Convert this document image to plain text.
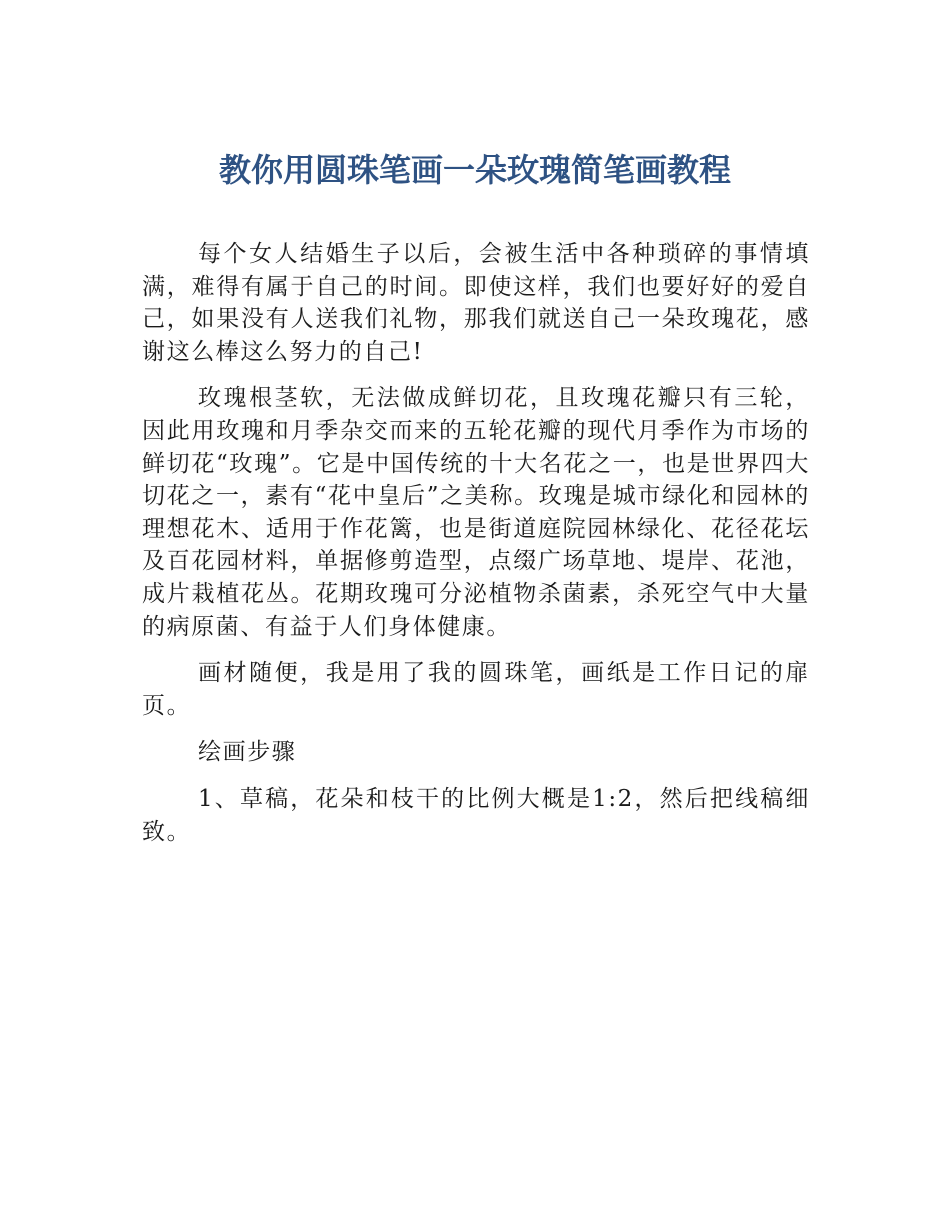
教你用圆珠笔画一朵玫瑰简笔画教程

每个女人结婚生子以后，会被生活中各种琐碎的事情填满，难得有属于自己的时间。即使这样，我们也要好好的爱自己，如果没有人送我们礼物，那我们就送自己一朵玫瑰花，感谢这么棒这么努力的自己!

玫瑰根茎软，无法做成鲜切花，且玫瑰花瓣只有三轮，因此用玫瑰和月季杂交而来的五轮花瓣的现代月季作为市场的鲜切花“玫瑰”。它是中国传统的十大名花之一，也是世界四大切花之一，素有“花中皇后”之美称。玫瑰是城市绿化和园林的理想花木、适用于作花篱，也是街道庭院园林绿化、花径花坛及百花园材料，单据修剪造型，点缀广场草地、堤岸、花池，成片栽植花丛。花期玫瑰可分泌植物杀菌素，杀死空气中大量的病原菌、有益于人们身体健康。

画材随便，我是用了我的圆珠笔，画纸是工作日记的扉页。

绘画步骤

1、草稿，花朵和枝干的比例大概是1:2，然后把线稿细致。
